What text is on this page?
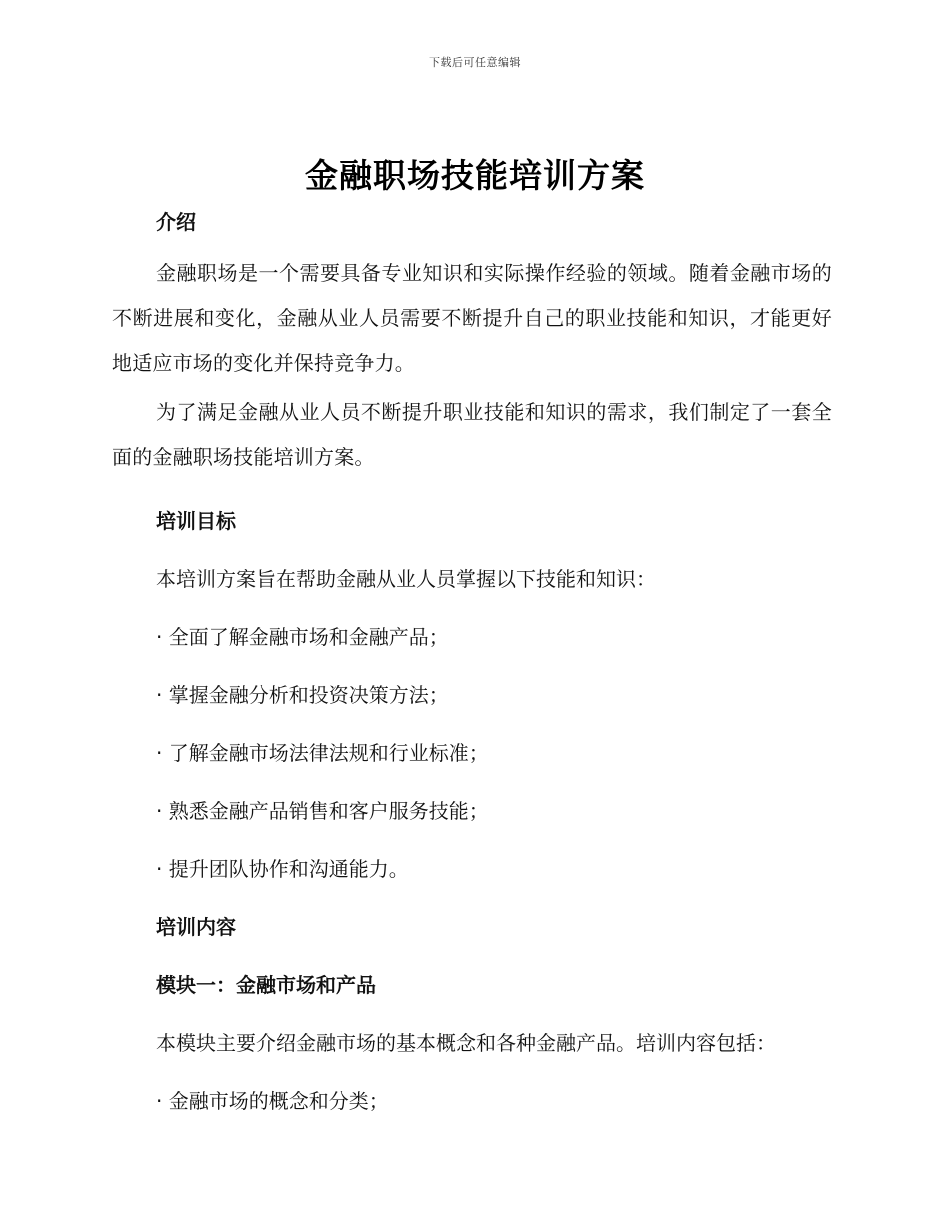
下载后可任意编辑
金融职场技能培训方案
介绍

金融职场是一个需要具备专业知识和实际操作经验的领域。随着金融市场的不断进展和变化，金融从业人员需要不断提升自己的职业技能和知识，才能更好地适应市场的变化并保持竞争力。

为了满足金融从业人员不断提升职业技能和知识的需求，我们制定了一套全面的金融职场技能培训方案。

培训目标

本培训方案旨在帮助金融从业人员掌握以下技能和知识：

· 全面了解金融市场和金融产品；

· 掌握金融分析和投资决策方法；

· 了解金融市场法律法规和行业标准；

· 熟悉金融产品销售和客户服务技能；

· 提升团队协作和沟通能力。

培训内容
模块一：金融市场和产品

本模块主要介绍金融市场的基本概念和各种金融产品。培训内容包括：

· 金融市场的概念和分类；
